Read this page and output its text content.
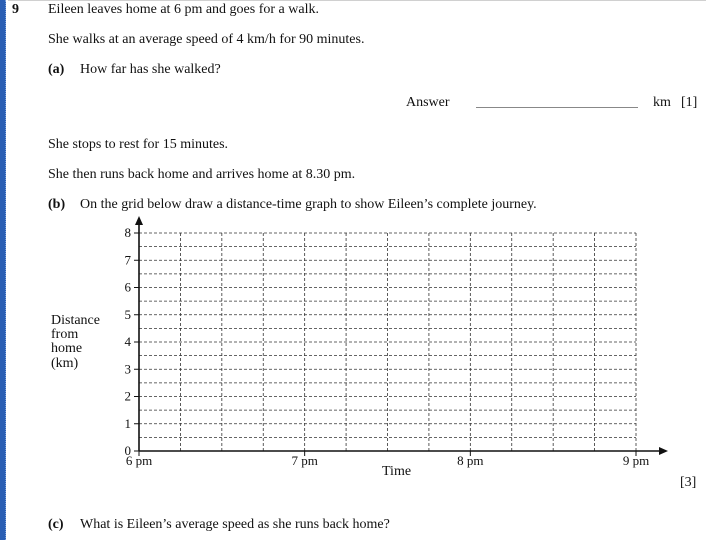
9 Eileen leaves home at 6 pm and goes for a walk.
She walks at an average speed of 4 km/h for 90 minutes.
(a) How far has she walked?
Answer	km [1]
She stops to rest for 15 minutes.
She then runs back home and arrives home at 8.30 pm.
(b) On the grid below draw a distance-time graph to show Eileen’s complete journey.
Distance
from
home
(km)
0
1
2
3
4
5
6
7
8
6 pm	7 pm	8 pm	9 pm
Time
[3]
(c) What is Eileen’s average speed as she runs back home?
